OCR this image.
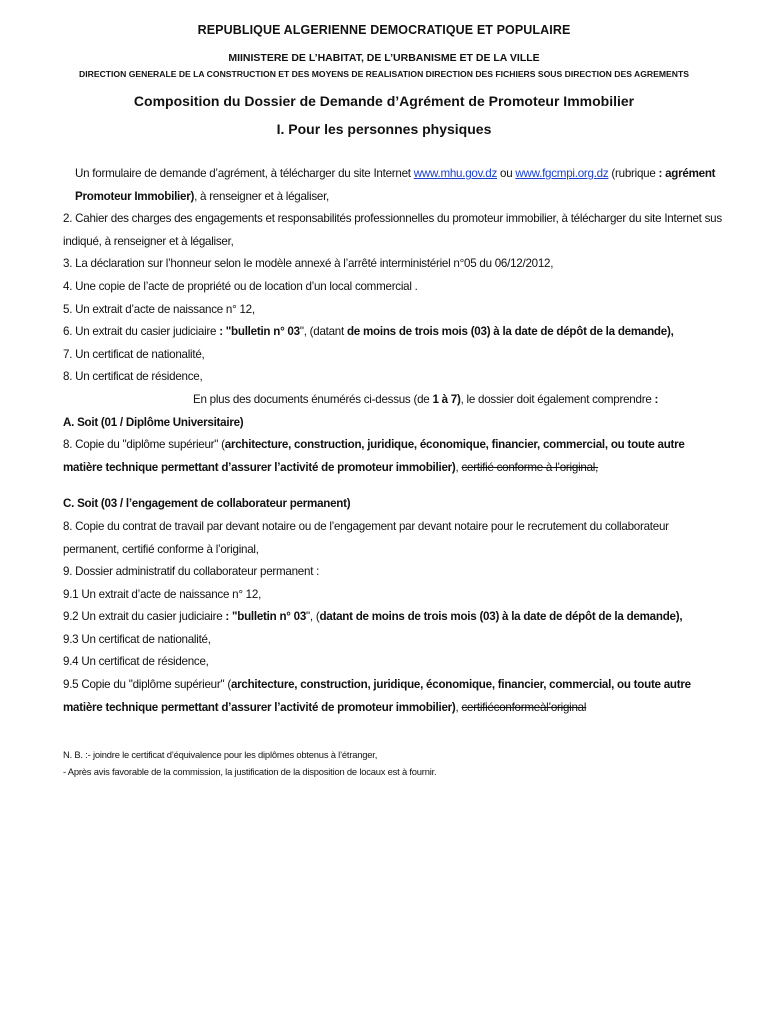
REPUBLIQUE ALGERIENNE DEMOCRATIQUE ET POPULAIRE
MIINISTERE DE L’HABITAT, DE L’URBANISME ET DE LA VILLE
DIRECTION GENERALE DE LA CONSTRUCTION ET DES MOYENS DE REALISATION DIRECTION DES FICHIERS SOUS DIRECTION DES AGREMENTS
Composition du Dossier de Demande d’Agrément de Promoteur Immobilier
I. Pour les personnes physiques

Un formulaire de demande d’agrément, à télécharger du site Internet www.mhu.gov.dz ou www.fgcmpi.org.dz (rubrique : agrément Promoteur Immobilier), à renseigner et à légaliser,

2. Cahier des charges des engagements et responsabilités professionnelles du promoteur immobilier, à télécharger du site Internet sus indiqué, à renseigner et à légaliser,

3. La déclaration sur l’honneur selon le modèle annexé à l’arrêté interministériel n°05 du 06/12/2012,

4. Une copie de l’acte de propriété ou de location d’un local commercial .

5. Un extrait d’acte de naissance n° 12,

6. Un extrait du casier judiciaire : "bulletin n° 03", (datant de moins de trois mois (03) à la date de dépôt de la demande),

7. Un certificat de nationalité,

8. Un certificat de résidence,

En plus des documents énumérés ci-dessus (de 1 à 7), le dossier doit également comprendre :

A. Soit (01 / Diplôme Universitaire)

8. Copie du "diplôme supérieur" (architecture, construction, juridique, économique, financier, commercial, ou toute autre matière technique permettant d’assurer l’activité de promoteur immobilier), certifié conforme à l’original,

C. Soit (03 / l’engagement de collaborateur permanent)

8. Copie du contrat de travail par devant notaire ou de l’engagement par devant notaire pour le recrutement du collaborateur permanent, certifié conforme à l’original,

9. Dossier administratif du collaborateur permanent :

9.1 Un extrait d’acte de naissance n° 12,

9.2 Un extrait du casier judiciaire : "bulletin n° 03", (datant de moins de trois mois (03) à la date de dépôt de la demande),

9.3 Un certificat de nationalité,

9.4 Un certificat de résidence,

9.5 Copie du "diplôme supérieur" (architecture, construction, juridique, économique, financier, commercial, ou toute autre matière technique permettant d’assurer l’activité de promoteur immobilier), certifiéconformeàl’original

N. B. :- joindre le certificat d’équivalence pour les diplômes obtenus à l’étranger,

- Après avis favorable de la commission, la justification de la disposition de locaux est à fournir.
